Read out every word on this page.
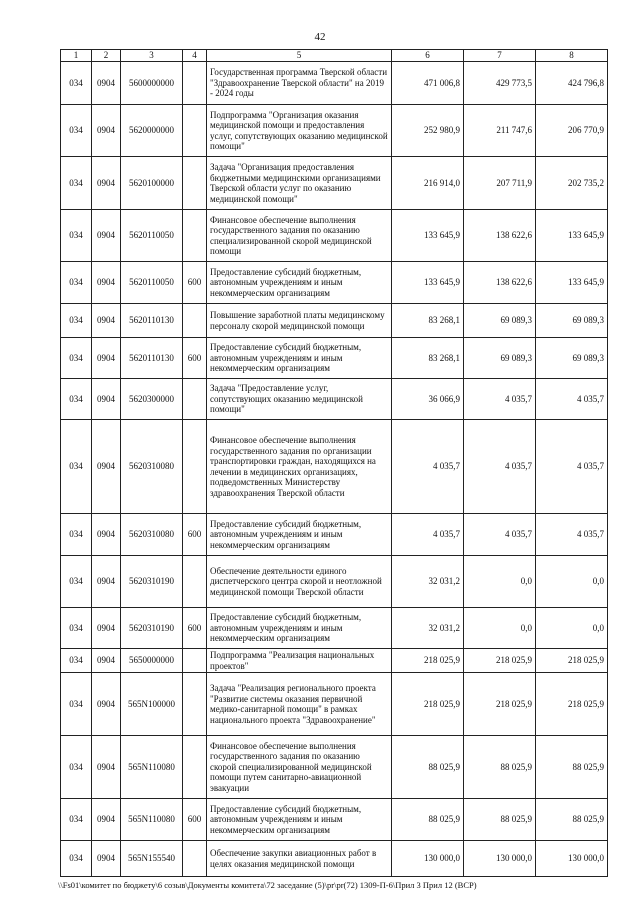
42
1	2	3	4	5	6	7	8
034	0904	5600000000		Государственная программа Тверской области "Здравоохранение Тверской области" на 2019 - 2024 годы	471 006,8	429 773,5	424 796,8
034	0904	5620000000		Подпрограмма "Организация оказания медицинской помощи и предоставления услуг, сопутствующих оказанию медицинской помощи"	252 980,9	211 747,6	206 770,9
034	0904	5620100000		Задача "Организация предоставления бюджетными медицинскими организациями Тверской области услуг по оказанию медицинской помощи"	216 914,0	207 711,9	202 735,2
034	0904	5620110050		Финансовое обеспечение выполнения государственного задания по оказанию специализированной скорой медицинской помощи	133 645,9	138 622,6	133 645,9
034	0904	5620110050	600	Предоставление субсидий бюджетным, автономным учреждениям и иным некоммерческим организациям	133 645,9	138 622,6	133 645,9
034	0904	5620110130		Повышение заработной платы медицинскому персоналу скорой медицинской помощи	83 268,1	69 089,3	69 089,3
034	0904	5620110130	600	Предоставление субсидий бюджетным, автономным учреждениям и иным некоммерческим организациям	83 268,1	69 089,3	69 089,3
034	0904	5620300000		Задача "Предоставление услуг, сопутствующих оказанию медицинской помощи"	36 066,9	4 035,7	4 035,7
034	0904	5620310080		Финансовое обеспечение выполнения государственного задания по организации транспортировки граждан, находящихся на лечении в медицинских организациях, подведомственных Министерству здравоохранения Тверской области	4 035,7	4 035,7	4 035,7
034	0904	5620310080	600	Предоставление субсидий бюджетным, автономным учреждениям и иным некоммерческим организациям	4 035,7	4 035,7	4 035,7
034	0904	5620310190		Обеспечение деятельности единого диспетчерского центра скорой и неотложной медицинской помощи Тверской области	32 031,2	0,0	0,0
034	0904	5620310190	600	Предоставление субсидий бюджетным, автономным учреждениям и иным некоммерческим организациям	32 031,2	0,0	0,0
034	0904	5650000000		Подпрограмма "Реализация национальных проектов"	218 025,9	218 025,9	218 025,9
034	0904	565N100000		Задача "Реализация регионального проекта "Развитие системы оказания первичной медико-санитарной помощи" в рамках национального проекта "Здравоохранение"	218 025,9	218 025,9	218 025,9
034	0904	565N110080		Финансовое обеспечение выполнения государственного задания по оказанию скорой специализированной медицинской помощи путем санитарно-авиационной эвакуации	88 025,9	88 025,9	88 025,9
034	0904	565N110080	600	Предоставление субсидий бюджетным, автономным учреждениям и иным некоммерческим организациям	88 025,9	88 025,9	88 025,9
034	0904	565N155540		Обеспечение закупки авиационных работ в целях оказания медицинской помощи	130 000,0	130 000,0	130 000,0
\\Fs01\комитет по бюджету\6 созыв\Документы комитета\72 заседание (5)\pr\pr(72) 1309-П-6\Прил 3 Прил 12 (ВСР)
